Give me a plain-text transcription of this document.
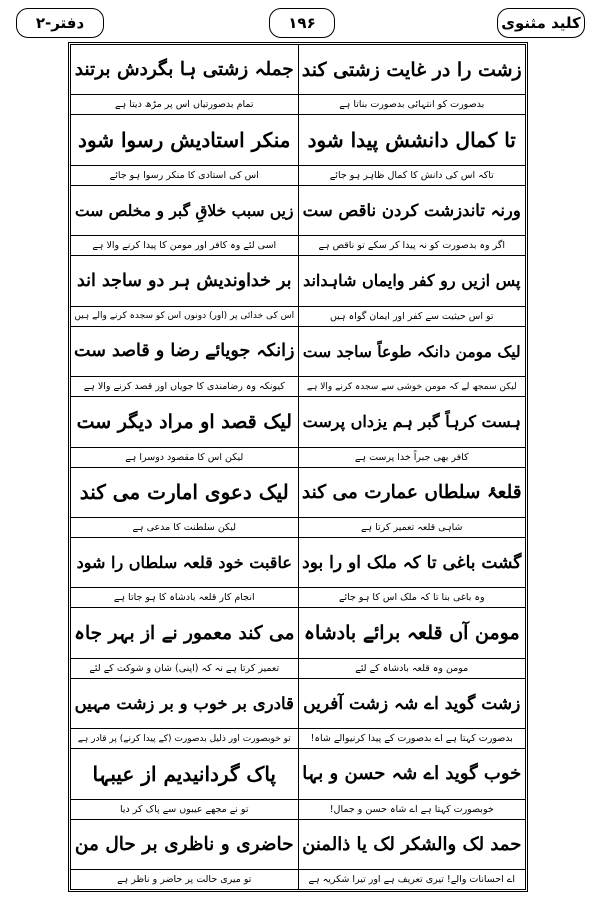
کلید مثنوی
۱۹۶
دفتر-۲
زشت را در غایت زشتی کند
جملہ زشتی ہا بگردش برتند
بدصورت کو انتہائی بدصورت بناتا ہے
تمام بدصورتیاں اس پر مڑھ دیتا ہے
تا کمال دانشش پیدا شود
منکر استادیش رسوا شود
تاکہ اس کی دانش کا کمال ظاہر ہو جائے
اس کی استادی کا منکر رسوا ہو جائے
ورنہ تاندزشت کردن ناقص ست
زیں سبب خلاقِ گبر و مخلص ست
اگر وہ بدصورت کو نہ پیدا کر سکے تو ناقص ہے
اسی لئے وہ کافر اور مومن کا پیدا کرنے والا ہے
پس ازیں رو کفر وایماں شاہداند
بر خداوندیش ہر دو ساجد اند
تو اس حیثیت سے کفر اور ایمان گواہ ہیں
اس کی خدائی پر (اور) دونوں اس کو سجدہ کرنے والے ہیں
لیک مومن دانکہ طوعاً ساجد ست
زانکہ جویائے رضا و قاصد ست
لیکن سمجھ لے کہ مومن خوشی سے سجدہ کرنے والا ہے
کیونکہ وہ رضامندی کا جویاں اور قصد کرنے والا ہے
ہست کرہاً گبر ہم یزداں پرست
لیک قصد او مراد دیگر ست
کافر بھی جبراً خدا پرست ہے
لیکن اس کا مقصود دوسرا ہے
قلعۂ سلطاں عمارت می کند
لیک دعوی امارت می کند
شاہی قلعہ تعمیر کرتا ہے
لیکن سلطنت کا مدعی ہے
گشت باغی تا کہ ملک او را بود
عاقبت خود قلعہ سلطاں را شود
وہ باغی بنا تا کہ ملک اس کا ہو جائے
انجام کار قلعہ بادشاہ کا ہو جاتا ہے
مومن آں قلعہ برائے بادشاہ
می کند معمور نے از بہر جاہ
مومن وہ قلعہ بادشاہ کے لئے
تعمیر کرتا ہے نہ کہ (اپنی) شان و شوکت کے لئے
زشت گوید اے شہ زشت آفریں
قادری بر خوب و بر زشت مہیں
بدصورت کہتا ہے اے بدصورت کے پیدا کرنیوالے شاہ!
تو خوبصورت اور ذلیل بدصورت (کے پیدا کرنے) پر قادر ہے
خوب گوید اے شہ حسن و بہا
پاک گردانیدیم از عیبہا
خوبصورت کہتا ہے اے شاہ حسن و جمال!
تو نے مجھے عیبوں سے پاک کر دیا
حمد لک والشکر لک یا ذالمنن
حاضری و ناظری بر حال من
اے احسانات والے! تیری تعریف ہے اور تیرا شکریہ ہے
تو میری حالت پر حاضر و ناظر ہے
